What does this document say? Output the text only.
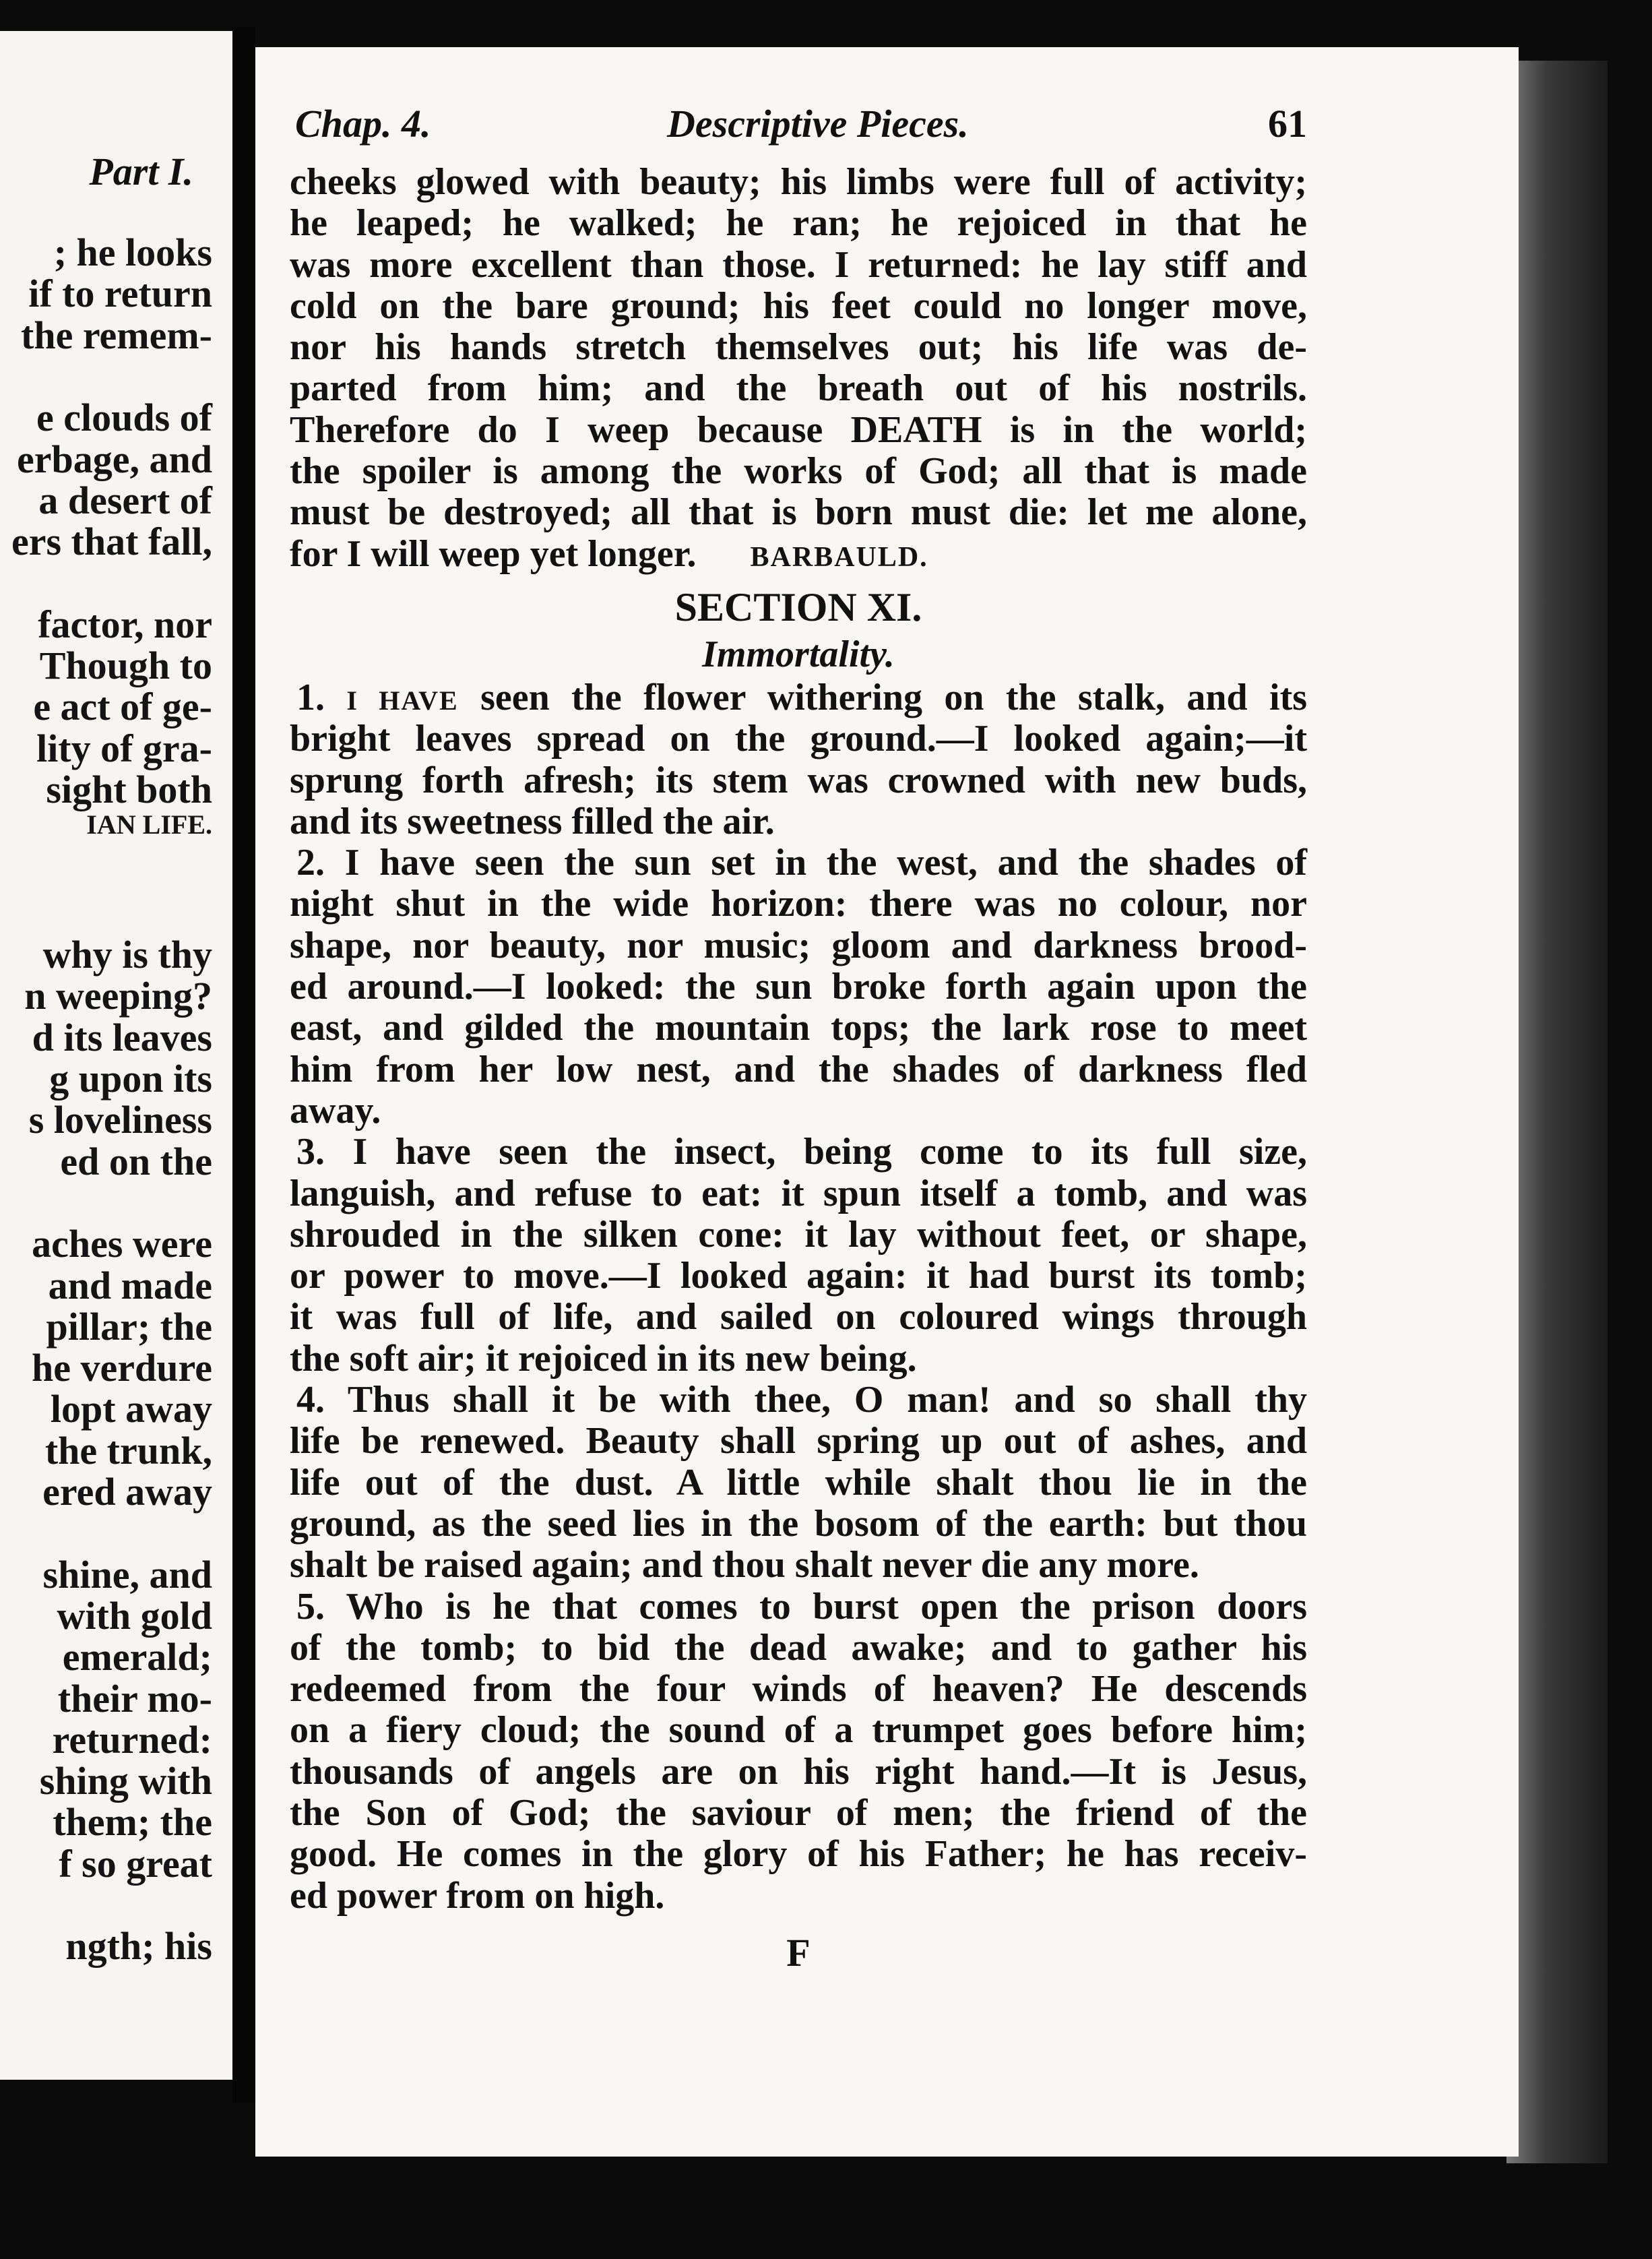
Part I.
; he looks
if to return
the remem-
e clouds of
erbage, and
a desert of
ers that fall,
factor, nor
Though to
e act of ge-
lity of gra-
sight both
IAN LIFE.
why is thy
n weeping?
d its leaves
g upon its
s loveliness
ed on the
aches were
and made
pillar; the
he verdure
lopt away
the trunk,
ered away
shine, and
with gold
emerald;
their mo-
returned:
shing with
them; the
f so great
ngth; his
Chap. 4.	Descriptive Pieces.	61
cheeks glowed with beauty; his limbs were full of activity;
he leaped; he walked; he ran; he rejoiced in that he
was more excellent than those. I returned: he lay stiff and
cold on the bare ground; his feet could no longer move,
nor his hands stretch themselves out; his life was de-
parted from him; and the breath out of his nostrils.
Therefore do I weep because DEATH is in the world;
the spoiler is among the works of God; all that is made
must be destroyed; all that is born must die: let me alone,
for I will weep yet longer. BARBAULD.
SECTION XI.
Immortality.
1. I HAVE seen the flower withering on the stalk, and its
bright leaves spread on the ground.—I looked again;—it
sprung forth afresh; its stem was crowned with new buds,
and its sweetness filled the air.
2. I have seen the sun set in the west, and the shades of
night shut in the wide horizon: there was no colour, nor
shape, nor beauty, nor music; gloom and darkness brood-
ed around.—I looked: the sun broke forth again upon the
east, and gilded the mountain tops; the lark rose to meet
him from her low nest, and the shades of darkness fled
away.
3. I have seen the insect, being come to its full size,
languish, and refuse to eat: it spun itself a tomb, and was
shrouded in the silken cone: it lay without feet, or shape,
or power to move.—I looked again: it had burst its tomb;
it was full of life, and sailed on coloured wings through
the soft air; it rejoiced in its new being.
4. Thus shall it be with thee, O man! and so shall thy
life be renewed. Beauty shall spring up out of ashes, and
life out of the dust. A little while shalt thou lie in the
ground, as the seed lies in the bosom of the earth: but thou
shalt be raised again; and thou shalt never die any more.
5. Who is he that comes to burst open the prison doors
of the tomb; to bid the dead awake; and to gather his
redeemed from the four winds of heaven? He descends
on a fiery cloud; the sound of a trumpet goes before him;
thousands of angels are on his right hand.—It is Jesus,
the Son of God; the saviour of men; the friend of the
good. He comes in the glory of his Father; he has receiv-
ed power from on high.
F
